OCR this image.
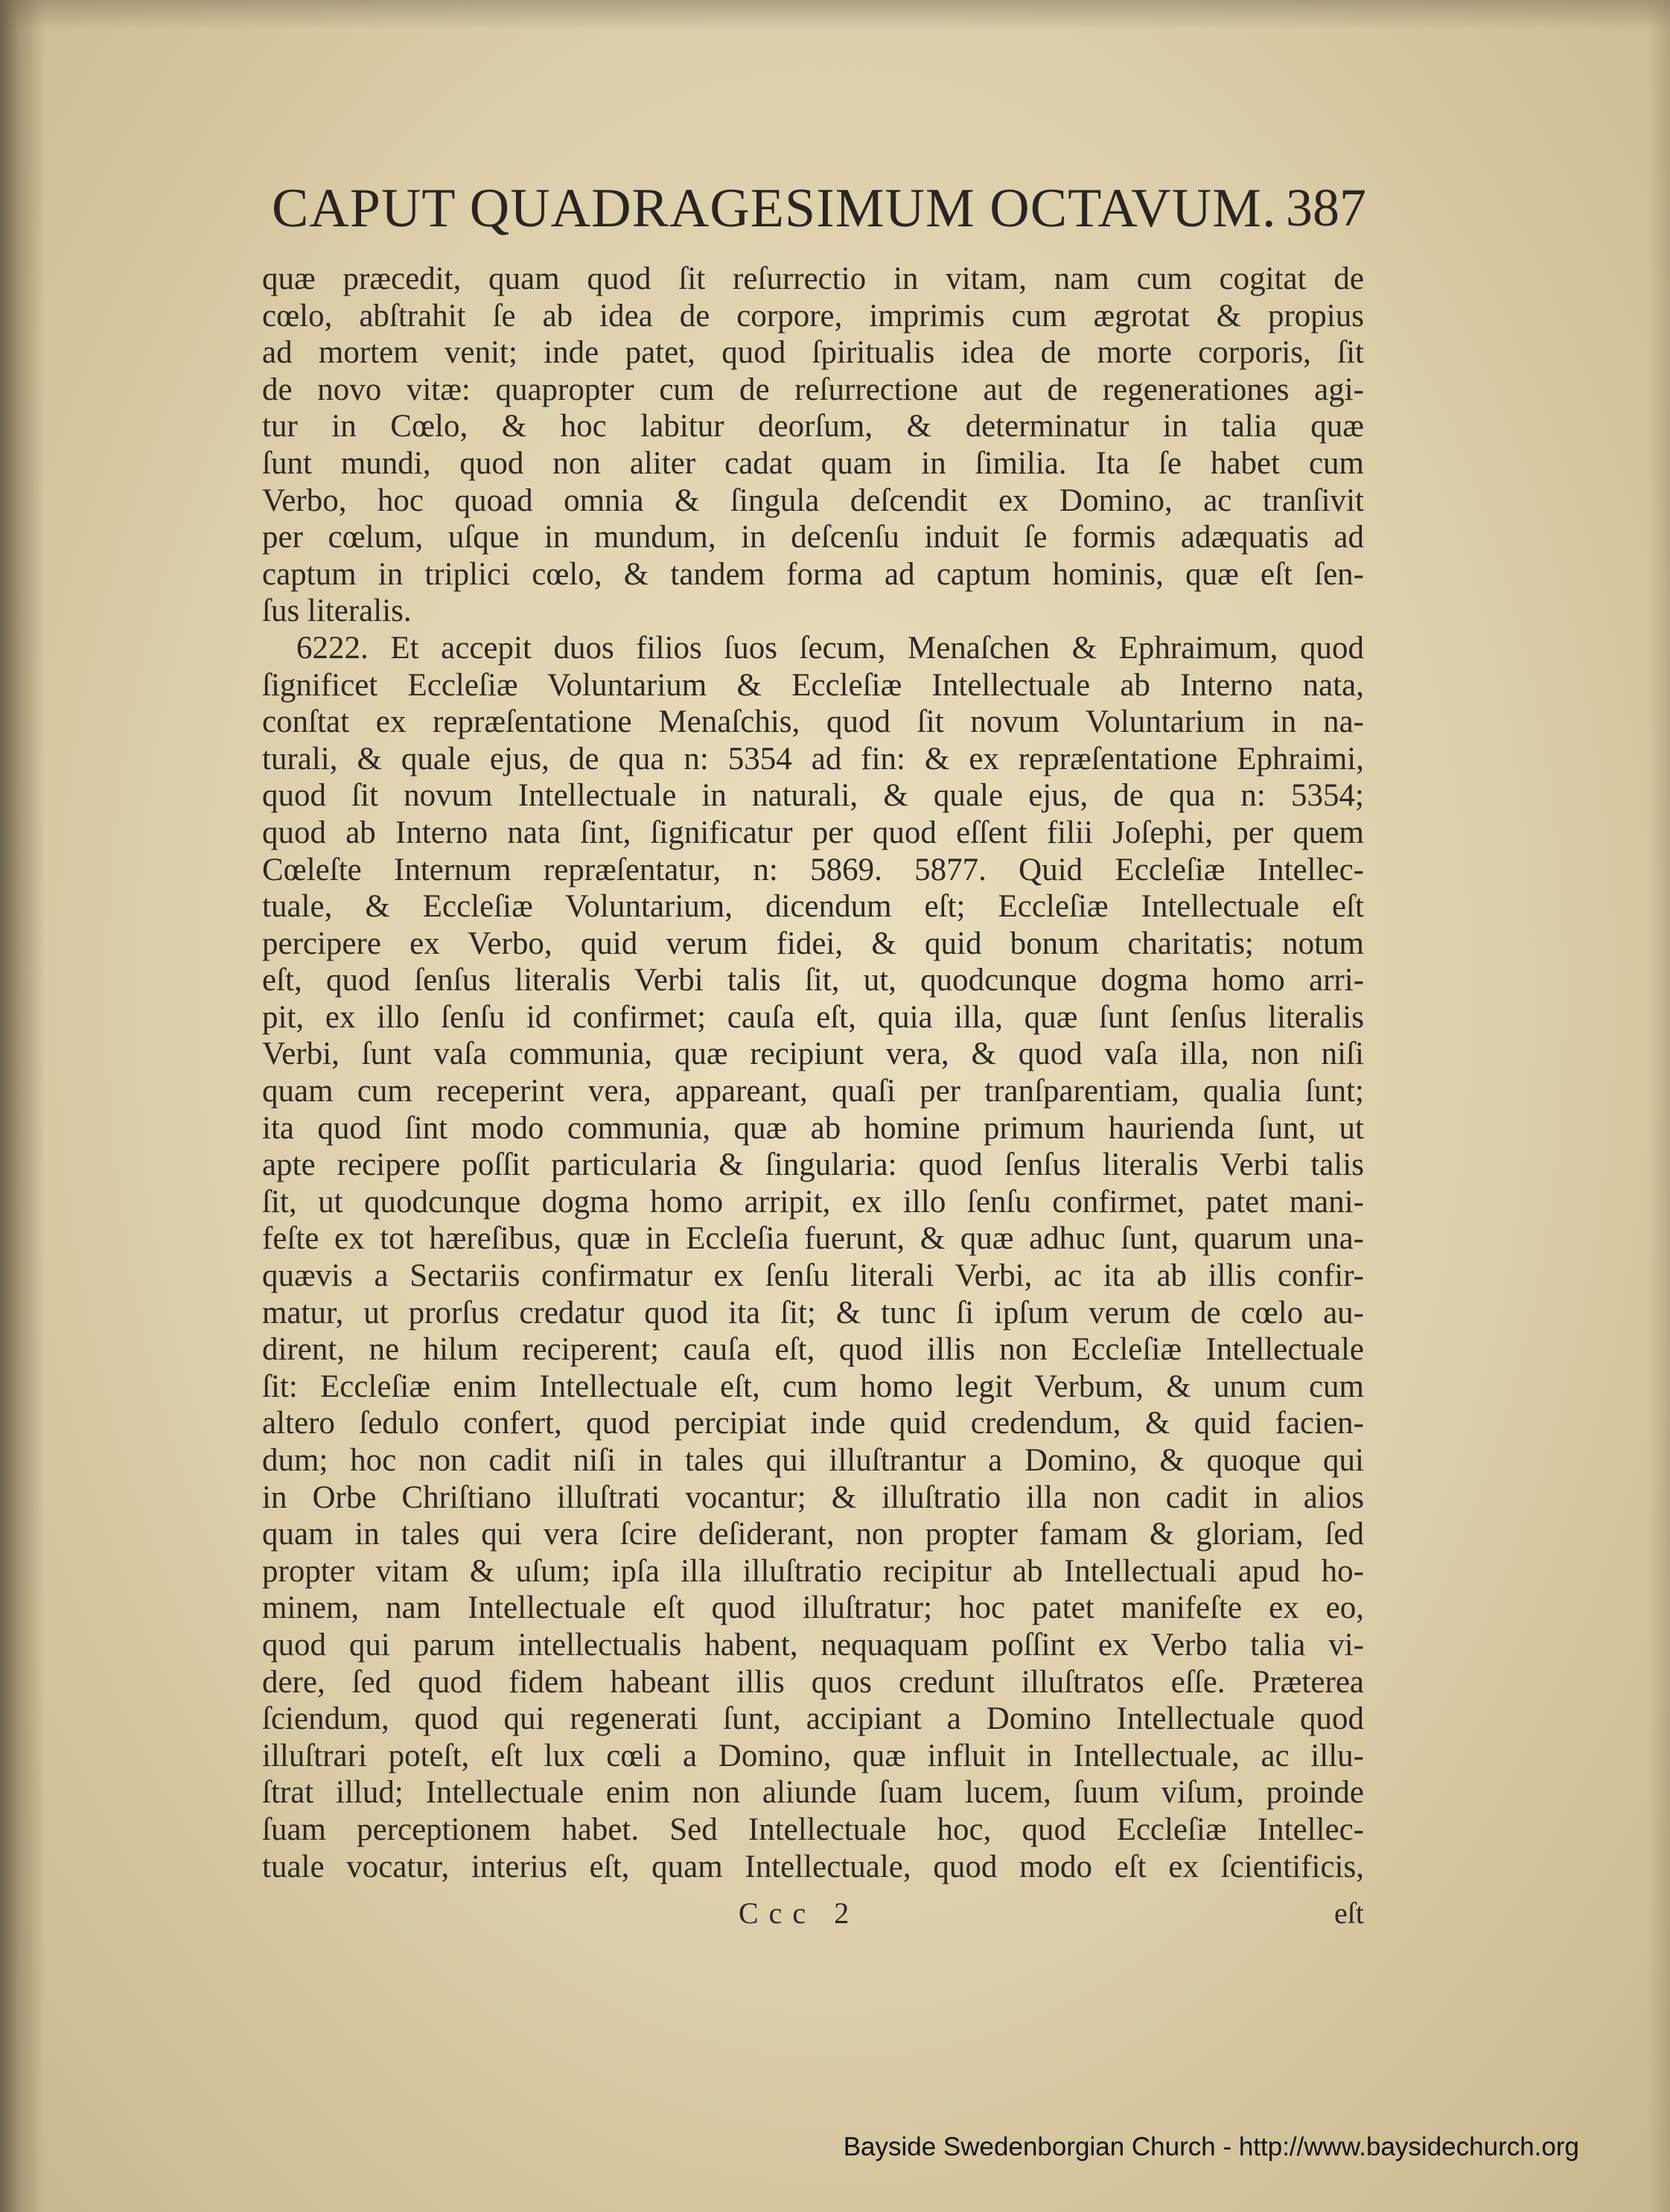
CAPUT QUADRAGESIMUM OCTAVUM. 387
quæ præcedit, quam quod ſit reſurrectio in vitam, nam cum cogitat de
cœlo, abſtrahit ſe ab idea de corpore, imprimis cum ægrotat & propius
ad mortem venit; inde patet, quod ſpiritualis idea de morte corporis, ſit
de novo vitæ: quapropter cum de reſurrectione aut de regenerationes agi-
tur in Cœlo, & hoc labitur deorſum, & determinatur in talia quæ
ſunt mundi, quod non aliter cadat quam in ſimilia. Ita ſe habet cum
Verbo, hoc quoad omnia & ſingula deſcendit ex Domino, ac tranſivit
per cœlum, uſque in mundum, in deſcenſu induit ſe formis adæquatis ad
captum in triplici cœlo, & tandem forma ad captum hominis, quæ eſt ſen-
ſus literalis.
6222. Et accepit duos filios ſuos ſecum, Menaſchen & Ephraimum, quod
ſignificet Eccleſiæ Voluntarium & Eccleſiæ Intellectuale ab Interno nata,
conſtat ex repræſentatione Menaſchis, quod ſit novum Voluntarium in na-
turali, & quale ejus, de qua n: 5354 ad fin: & ex repræſentatione Ephraimi,
quod ſit novum Intellectuale in naturali, & quale ejus, de qua n: 5354;
quod ab Interno nata ſint, ſignificatur per quod eſſent filii Joſephi, per quem
Cœleſte Internum repræſentatur, n: 5869. 5877. Quid Eccleſiæ Intellec-
tuale, & Eccleſiæ Voluntarium, dicendum eſt; Eccleſiæ Intellectuale eſt
percipere ex Verbo, quid verum fidei, & quid bonum charitatis; notum
eſt, quod ſenſus literalis Verbi talis ſit, ut, quodcunque dogma homo arri-
pit, ex illo ſenſu id confirmet; cauſa eſt, quia illa, quæ ſunt ſenſus literalis
Verbi, ſunt vaſa communia, quæ recipiunt vera, & quod vaſa illa, non niſi
quam cum receperint vera, appareant, quaſi per tranſparentiam, qualia ſunt;
ita quod ſint modo communia, quæ ab homine primum haurienda ſunt, ut
apte recipere poſſit particularia & ſingularia: quod ſenſus literalis Verbi talis
ſit, ut quodcunque dogma homo arripit, ex illo ſenſu confirmet, patet mani-
feſte ex tot hæreſibus, quæ in Eccleſia fuerunt, & quæ adhuc ſunt, quarum una-
quævis a Sectariis confirmatur ex ſenſu literali Verbi, ac ita ab illis confir-
matur, ut prorſus credatur quod ita ſit; & tunc ſi ipſum verum de cœlo au-
dirent, ne hilum reciperent; cauſa eſt, quod illis non Eccleſiæ Intellectuale
ſit: Eccleſiæ enim Intellectuale eſt, cum homo legit Verbum, & unum cum
altero ſedulo confert, quod percipiat inde quid credendum, & quid facien-
dum; hoc non cadit niſi in tales qui illuſtrantur a Domino, & quoque qui
in Orbe Chriſtiano illuſtrati vocantur; & illuſtratio illa non cadit in alios
quam in tales qui vera ſcire deſiderant, non propter famam & gloriam, ſed
propter vitam & uſum; ipſa illa illuſtratio recipitur ab Intellectuali apud ho-
minem, nam Intellectuale eſt quod illuſtratur; hoc patet manifeſte ex eo,
quod qui parum intellectualis habent, nequaquam poſſint ex Verbo talia vi-
dere, ſed quod fidem habeant illis quos credunt illuſtratos eſſe. Præterea
ſciendum, quod qui regenerati ſunt, accipiant a Domino Intellectuale quod
illuſtrari poteſt, eſt lux cœli a Domino, quæ influit in Intellectuale, ac illu-
ſtrat illud; Intellectuale enim non aliunde ſuam lucem, ſuum viſum, proinde
ſuam perceptionem habet. Sed Intellectuale hoc, quod Eccleſiæ Intellec-
tuale vocatur, interius eſt, quam Intellectuale, quod modo eſt ex ſcientificis,
Ccc 2	eſt
Bayside Swedenborgian Church - http://www.baysidechurch.org
